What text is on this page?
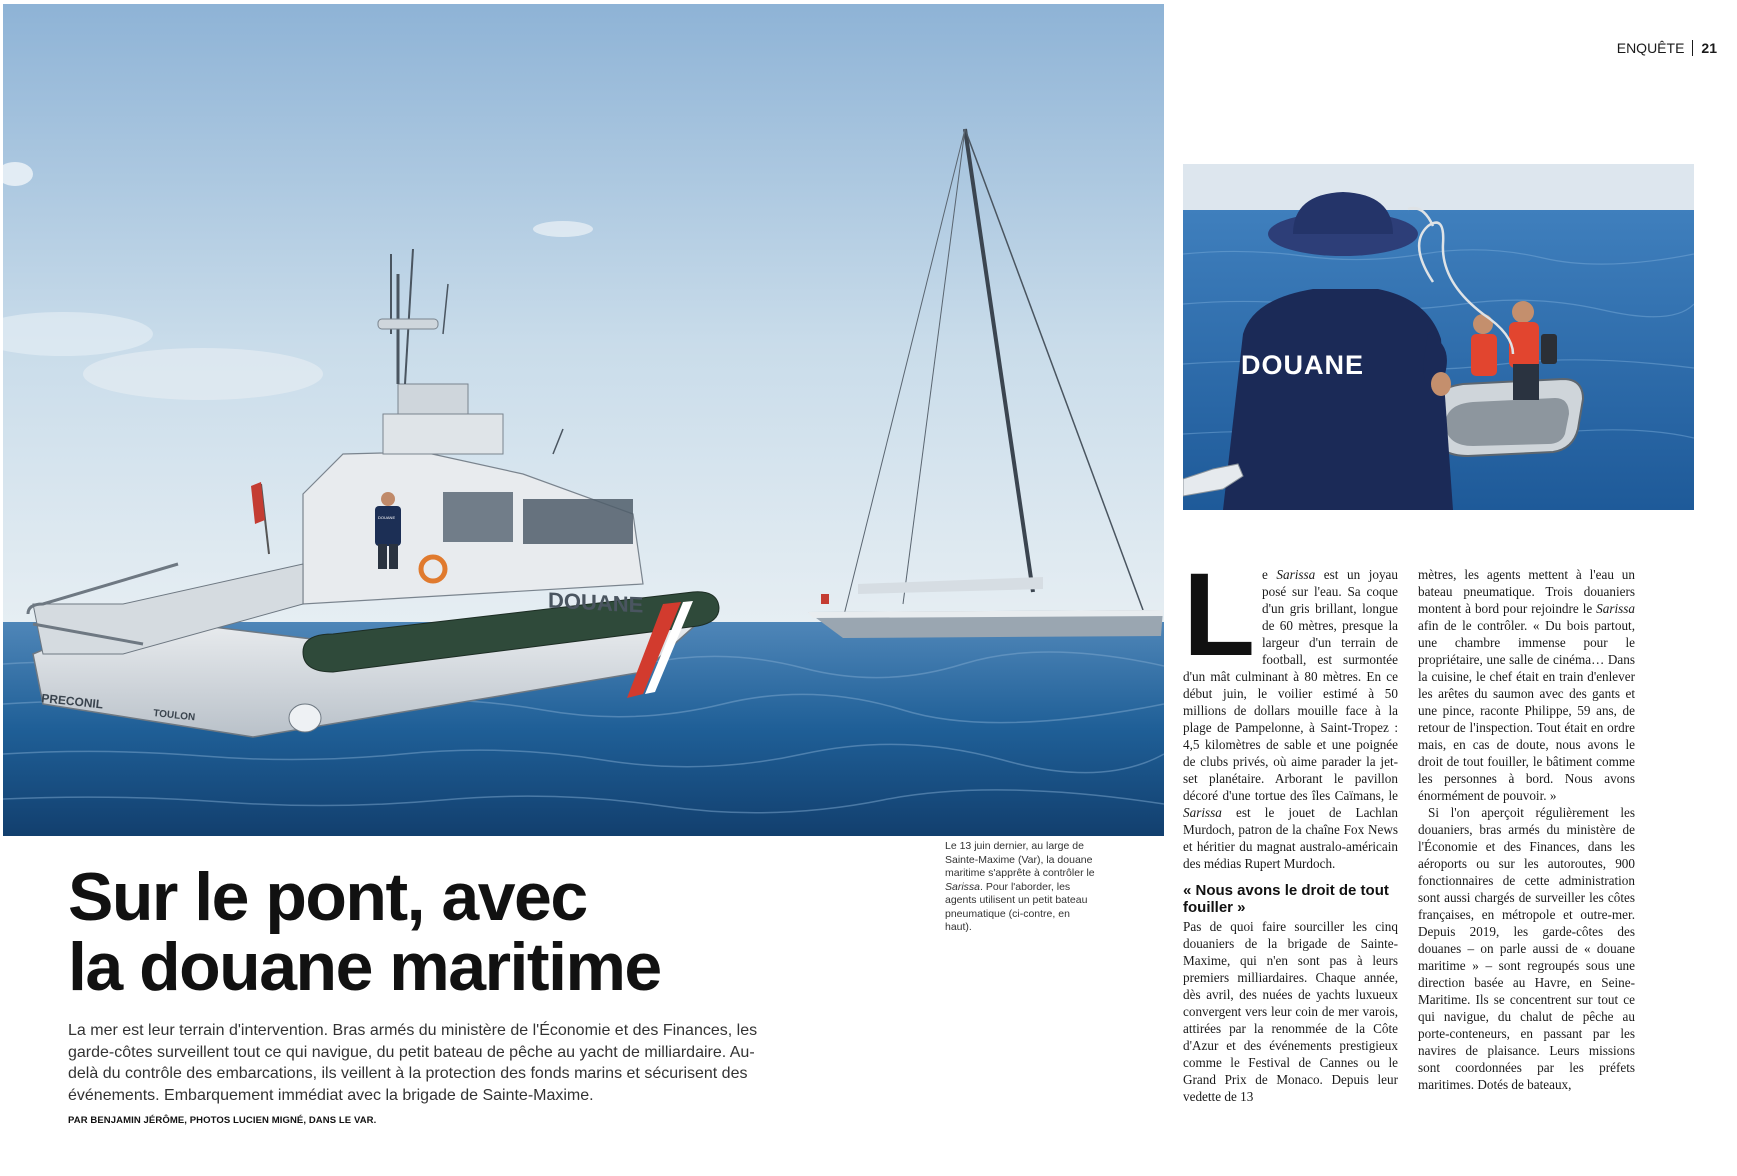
DOUANE
PRECONIL
TOULON
DOUANE
ENQUÊTE 21
DOUANE
Le 13 juin dernier, au large de Sainte-Maxime (Var), la douane maritime s'apprête à contrôler le Sarissa. Pour l'aborder, les agents utilisent un petit bateau pneumatique (ci-contre, en haut).
Sur le pont, avec
la douane maritime

La mer est leur terrain d'intervention. Bras armés du ministère de l'Économie et des Finances, les garde-côtes surveillent tout ce qui navigue, du petit bateau de pêche au yacht de milliardaire. Au-delà du contrôle des embarcations, ils veillent à la protection des fonds marins et sécurisent des événements. Embarquement immédiat avec la brigade de Sainte-Maxime.

PAR BENJAMIN JÉRÔME, PHOTOS LUCIEN MIGNÉ, DANS LE VAR.

L e Sarissa est un joyau posé sur l'eau. Sa coque d'un gris brillant, longue de 60 mètres, presque la largeur d'un terrain de football, est surmontée d'un mât culminant à 80 mètres. En ce début juin, le voilier estimé à 50 millions de dollars mouille face à la plage de Pampelonne, à Saint-Tropez : 4,5 kilomètres de sable et une poignée de clubs privés, où aime parader la jet-set planétaire. Arborant le pavillon décoré d'une tortue des îles Caïmans, le Sarissa est le jouet de Lachlan Murdoch, patron de la chaîne Fox News et héritier du magnat australo-américain des médias Rupert Murdoch.

« Nous avons le droit de tout fouiller »

Pas de quoi faire sourciller les cinq douaniers de la brigade de Sainte-Maxime, qui n'en sont pas à leurs premiers milliardaires. Chaque année, dès avril, des nuées de yachts luxueux convergent vers leur coin de mer varois, attirées par la renommée de la Côte d'Azur et des événements prestigieux comme le Festival de Cannes ou le Grand Prix de Monaco. Depuis leur vedette de 13

mètres, les agents mettent à l'eau un bateau pneumatique. Trois douaniers montent à bord pour rejoindre le Sarissa afin de le contrôler. « Du bois partout, une chambre immense pour le propriétaire, une salle de cinéma… Dans la cuisine, le chef était en train d'enlever les arêtes du saumon avec des gants et une pince, raconte Philippe, 59 ans, de retour de l'inspection. Tout était en ordre mais, en cas de doute, nous avons le droit de tout fouiller, le bâtiment comme les personnes à bord. Nous avons énormément de pouvoir. »

Si l'on aperçoit régulièrement les douaniers, bras armés du ministère de l'Économie et des Finances, dans les aéroports ou sur les autoroutes, 900 fonctionnaires de cette administration sont aussi chargés de surveiller les côtes françaises, en métropole et outre-mer. Depuis 2019, les garde-côtes des douanes – on parle aussi de « douane maritime » – sont regroupés sous une direction basée au Havre, en Seine-Maritime. Ils se concentrent sur tout ce qui navigue, du chalut de pêche au porte-conteneurs, en passant par les navires de plaisance. Leurs missions sont coordonnées par les préfets maritimes. Dotés de bateaux,
